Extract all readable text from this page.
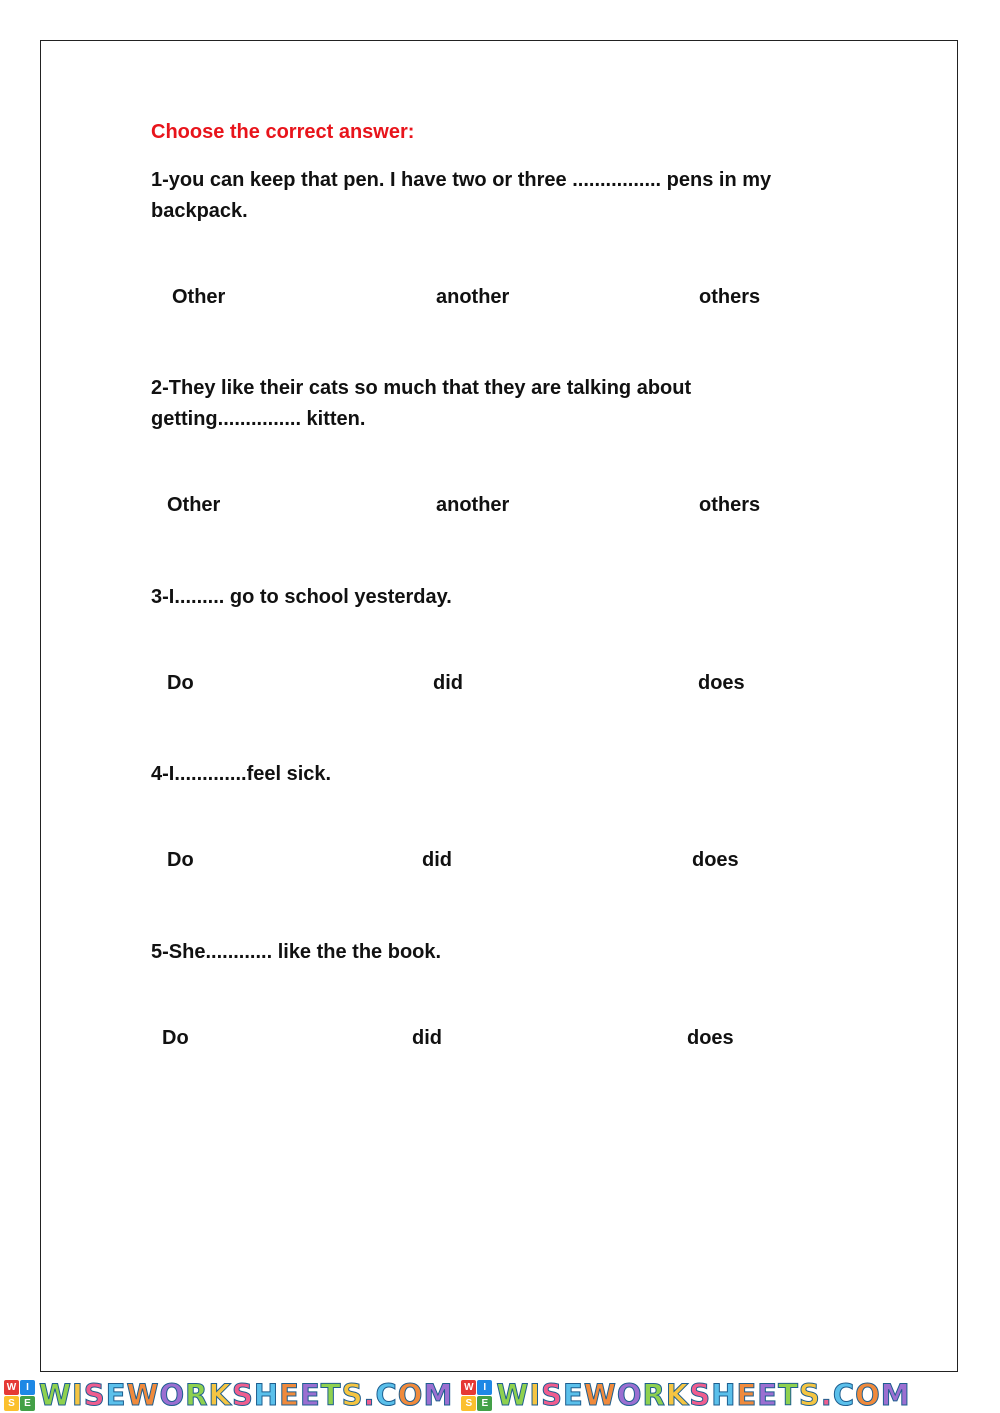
Choose the correct answer:

1-you can keep that pen. I have two or three ................ pens in my backpack.

Other	another	others

2-They like their cats so much that they are talking about getting............... kitten.

Other	another	others

3-I......... go to school yesterday.

Do	did	does

4-I.............feel sick.

Do	did	does

5-She............ like the the book.

Do	did	does
W I
S E W I S E W O R K S H E E T S . C O M W I
S E W I S E W O R K S H E E T S . C O M
